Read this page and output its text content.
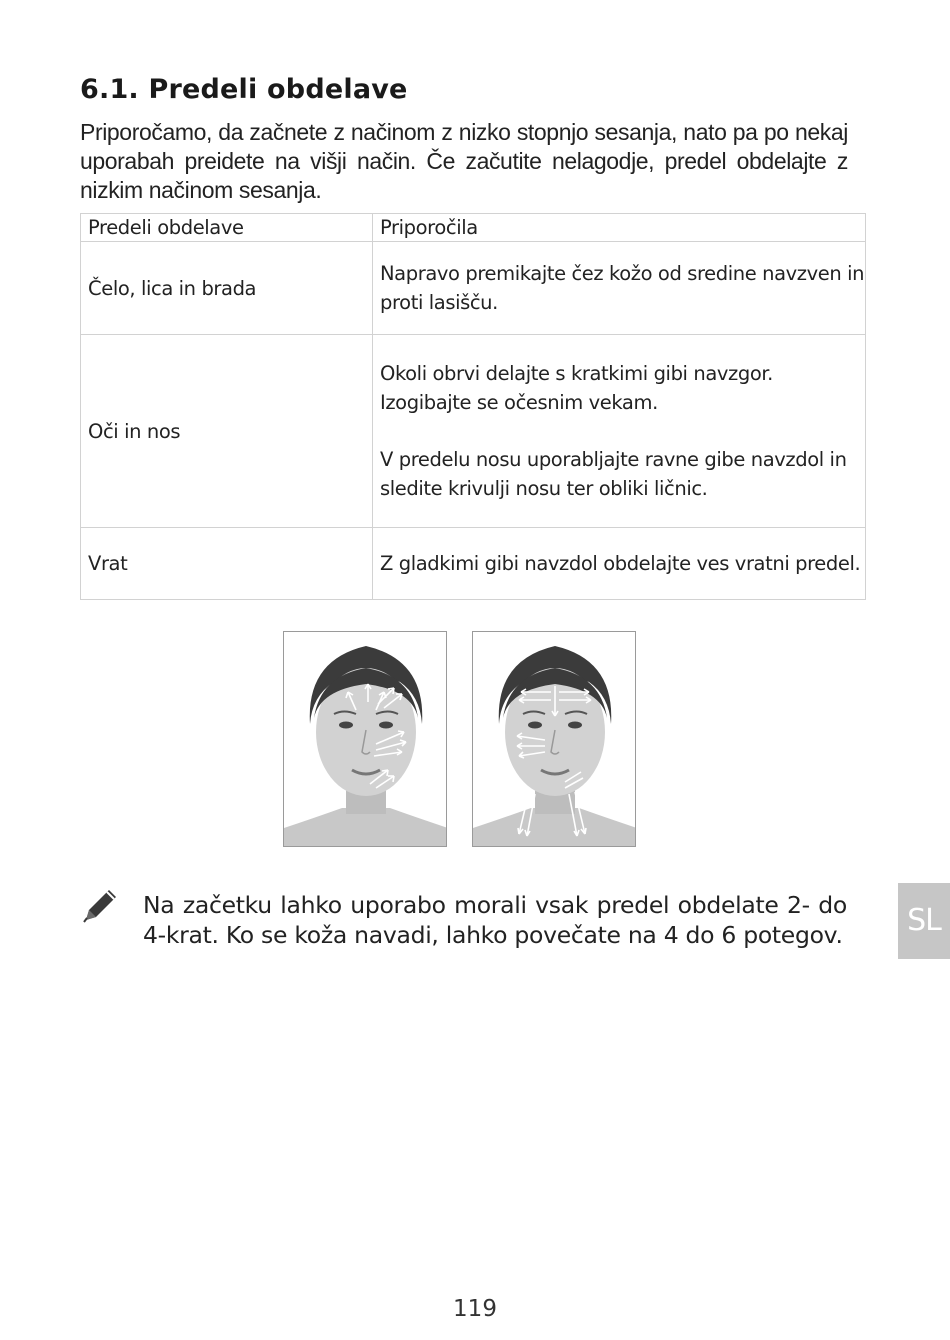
6.1. Predeli obdelave

Priporočamo, da začnete z načinom z nizko stopnjo sesanja, nato pa po nekaj uporabah preidete na višji način. Če začutite nelagodje, predel obdelajte z nizkim načinom sesanja.

Predeli obdelave	Priporočila
Čelo, lica in brada	Napravo premikajte čez kožo od sredine navzven in proti lasišču.

Oči in nos	Okoli obrvi delajte s kratkimi gibi navzgor. Izogibajte se očesnim vekam.

V predelu nosu uporabljajte ravne gibe navzdol in sledite krivulji nosu ter obliki ličnic.

Vrat	Z gladkimi gibi navzdol obdelajte ves vratni predel.

Na začetku lahko uporabo morali vsak predel obdelate 2- do 4-krat. Ko se koža navadi, lahko povečate na 4 do 6 potegov.	SL
119
